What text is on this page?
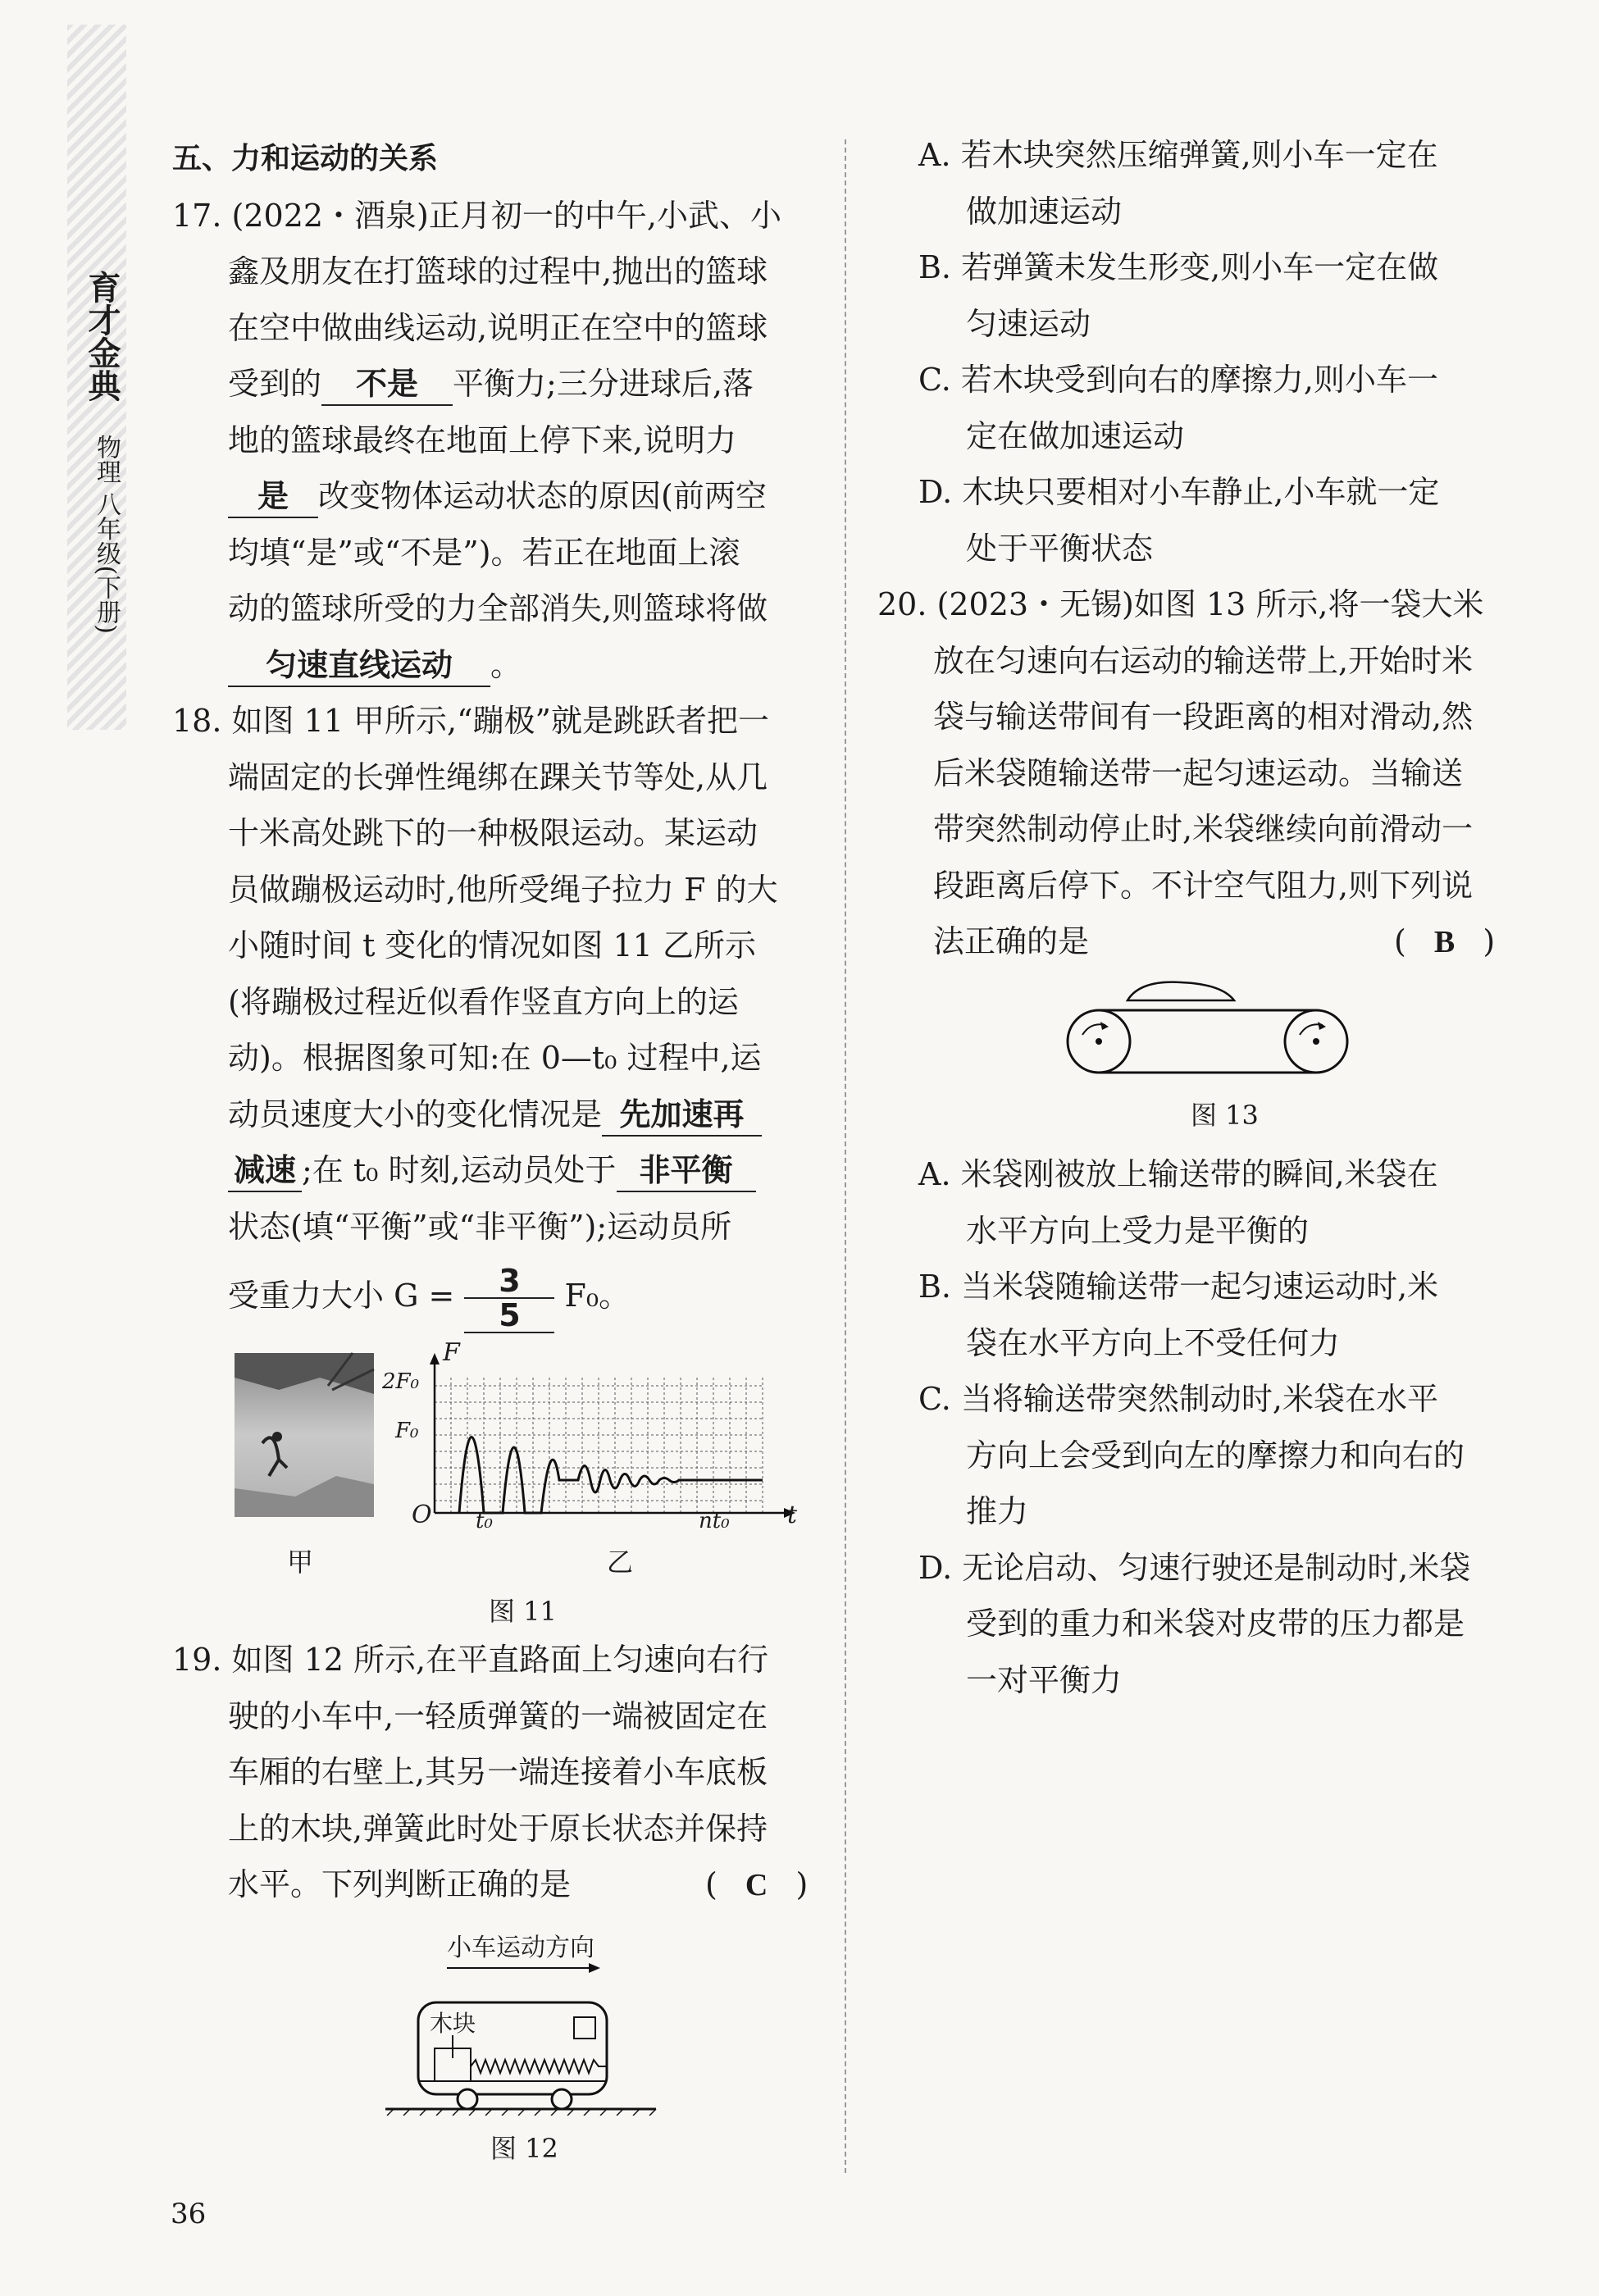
育才金典
物理 八年级(下册)
五、力和运动的关系
17. (2022・酒泉)正月初一的中午,小武、小
鑫及朋友在打篮球的过程中,抛出的篮球
在空中做曲线运动,说明正在空中的篮球
受到的 不是 平衡力;三分进球后,落
地的篮球最终在地面上停下来,说明力
是 改变物体运动状态的原因(前两空
均填“是”或“不是”)。若正在地面上滚
动的篮球所受的力全部消失,则篮球将做
匀速直线运动 。
18. 如图 11 甲所示,“蹦极”就是跳跃者把一
端固定的长弹性绳绑在踝关节等处,从几
十米高处跳下的一种极限运动。某运动
员做蹦极运动时,他所受绳子拉力 F 的大
小随时间 t 变化的情况如图 11 乙所示
(将蹦极过程近似看作竖直方向上的运
动)。根据图象可知:在 0—t₀ 过程中,运
动员速度大小的变化情况是 先加速再
减速 ;在 t₀ 时刻,运动员处于 非平衡
状态(填“平衡”或“非平衡”);运动员所
受重力大小 $G = \frac{3}{5} F_0$。
F
2F₀
F₀
O t₀	nt₀ t
甲	乙
图 11
19. 如图 12 所示,在平直路面上匀速向右行
驶的小车中,一轻质弹簧的一端被固定在
车厢的右壁上,其另一端连接着小车底板
上的木块,弹簧此时处于原长状态并保持
水平。下列判断正确的是	( C )
小车运动方向
木块
图 12
A. 若木块突然压缩弹簧,则小车一定在
做加速运动
B. 若弹簧未发生形变,则小车一定在做
匀速运动
C. 若木块受到向右的摩擦力,则小车一
定在做加速运动
D. 木块只要相对小车静止,小车就一定
处于平衡状态
20. (2023・无锡)如图 13 所示,将一袋大米
放在匀速向右运动的输送带上,开始时米
袋与输送带间有一段距离的相对滑动,然
后米袋随输送带一起匀速运动。当输送
带突然制动停止时,米袋继续向前滑动一
段距离后停下。不计空气阻力,则下列说
法正确的是	( B )
图 13
A. 米袋刚被放上输送带的瞬间,米袋在
水平方向上受力是平衡的
B. 当米袋随输送带一起匀速运动时,米
袋在水平方向上不受任何力
C. 当将输送带突然制动时,米袋在水平
方向上会受到向左的摩擦力和向右的
推力
D. 无论启动、匀速行驶还是制动时,米袋
受到的重力和米袋对皮带的压力都是
一对平衡力
36
